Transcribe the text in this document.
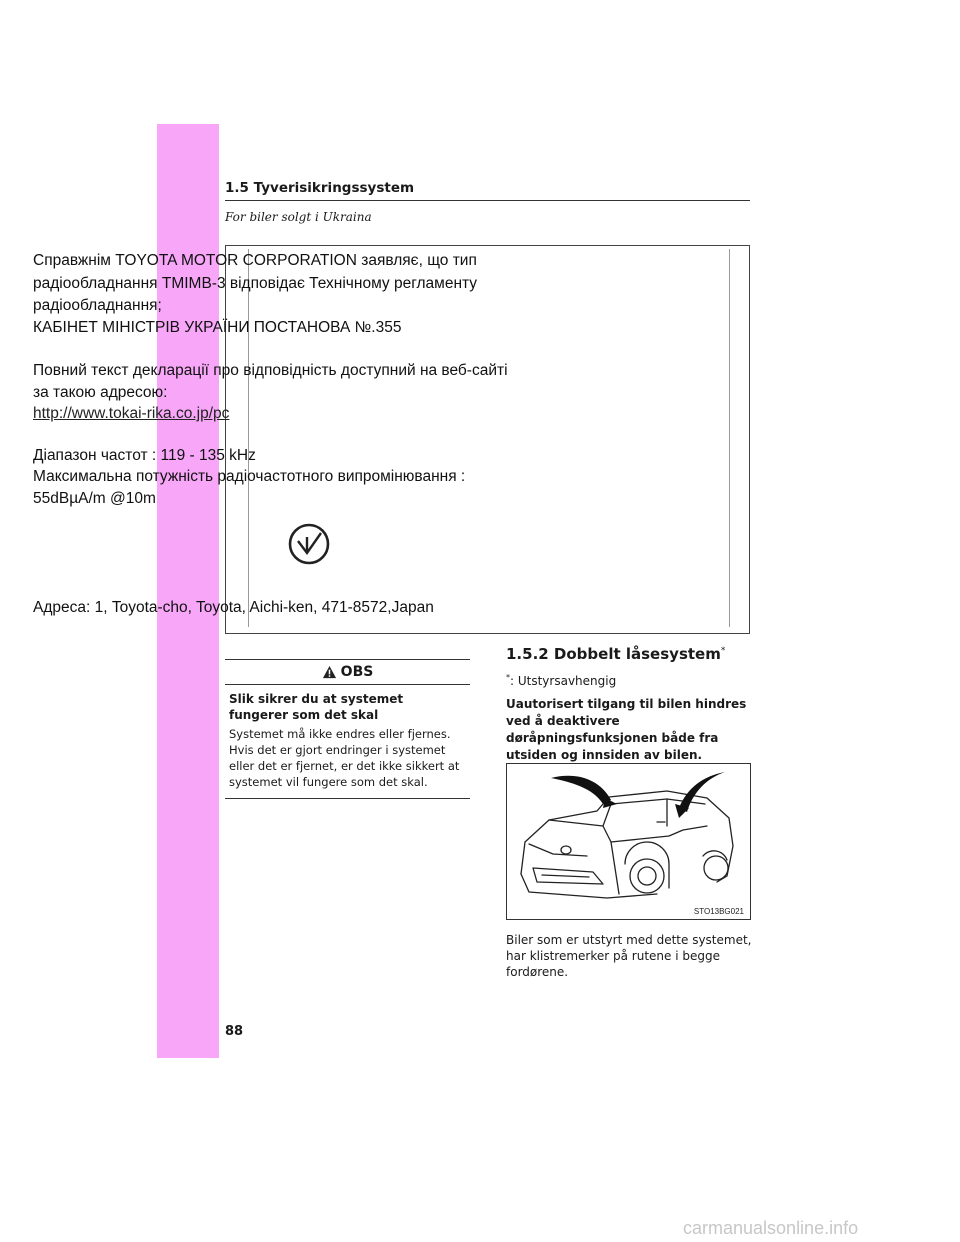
1.5 Tyverisikringssystem
For biler solgt i Ukraina
Справжнім TOYOTA MOTOR CORPORATION заявляє, що тип
радіообладнання TMIMB-3 відповідає Технічному регламенту
радіообладнання;
КАБІНЕТ МІНІСТРІВ УКРАЇНИ ПОСТАНОВА №.355
Повний текст декларації про відповідність доступний на веб-сайті
за такою адресою:
http://www.tokai-rika.co.jp/pc
Діапазон частот : 119 - 135 kHz
Максимальна потужність радіочастотного випромінювання :
55dBµA/m @10m
Адреса: 1, Toyota-cho, Toyota, Aichi-ken, 471-8572,Japan
OBS
Slik sikrer du at systemet fungerer som det skal
Systemet må ikke endres eller fjernes. Hvis det er gjort endringer i systemet eller det er fjernet, er det ikke sikkert at systemet vil fungere som det skal.
1.5.2 Dobbelt låsesystem*
*: Utstyrsavhengig
Uautorisert tilgang til bilen hindres ved å deaktivere døråpningsfunksjonen både fra utsiden og innsiden av bilen.
STO13BG021
Biler som er utstyrt med dette systemet, har klistremerker på rutene i begge fordørene.
88
carmanualsonline.info
